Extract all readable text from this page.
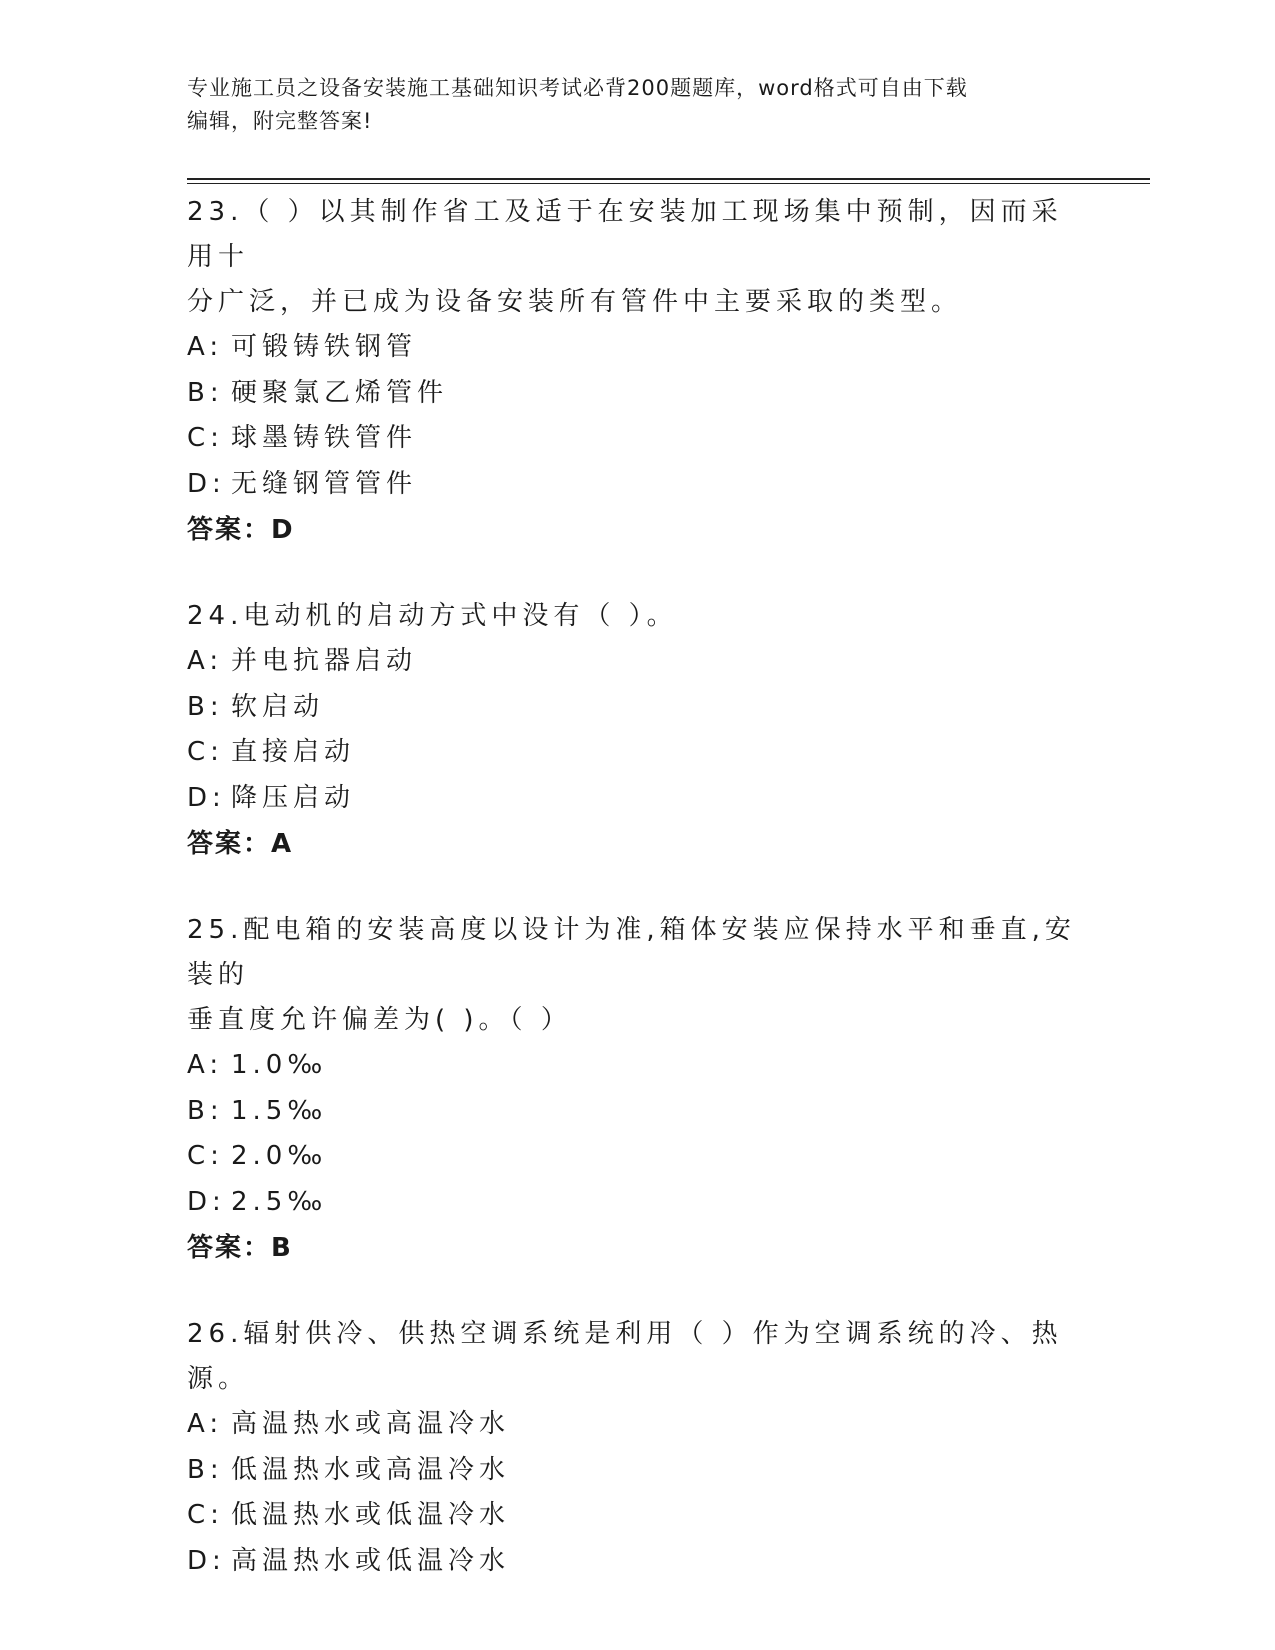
专业施工员之设备安装施工基础知识考试必背200题题库，word格式可自由下载
编辑，附完整答案!

23.（ ）以其制作省工及适于在安装加工现场集中预制，因而采用十
分广泛，并已成为设备安装所有管件中主要采取的类型。

A: 可锻铸铁钢管

B: 硬聚氯乙烯管件

C: 球墨铸铁管件

D: 无缝钢管管件

答案：D

24.电动机的启动方式中没有（ ）。

A: 并电抗器启动

B: 软启动

C: 直接启动

D: 降压启动

答案：A

25.配电箱的安装高度以设计为准,箱体安装应保持水平和垂直,安装的
垂直度允许偏差为( )。（ ）

A: 1.0‰

B: 1.5‰

C: 2.0‰

D: 2.5‰

答案：B

26.辐射供冷、供热空调系统是利用（ ）作为空调系统的冷、热源。

A: 高温热水或高温冷水

B: 低温热水或高温冷水

C: 低温热水或低温冷水

D: 高温热水或低温冷水
